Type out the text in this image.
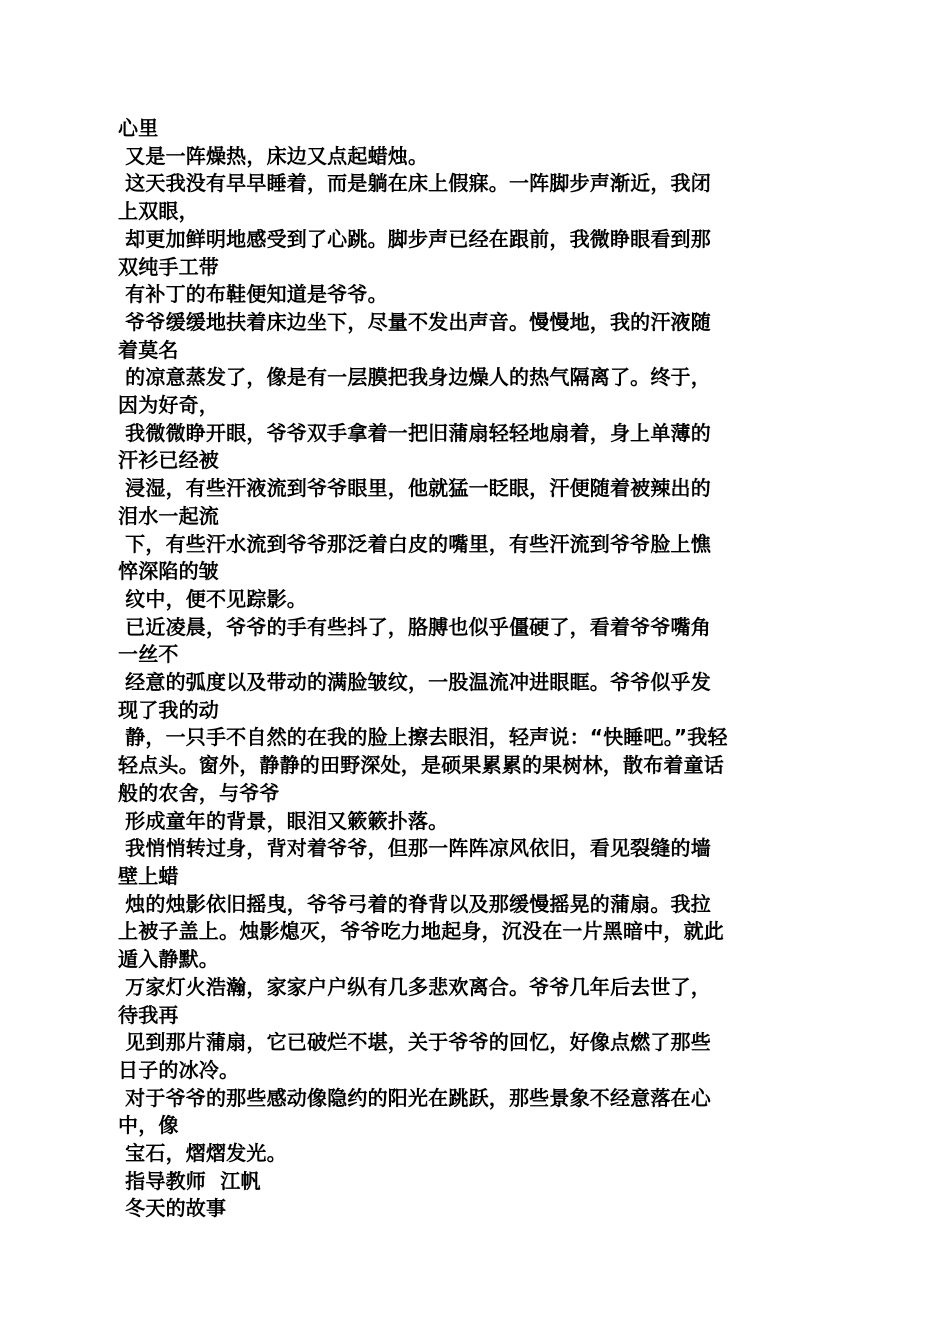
心里
又是一阵燥热，床边又点起蜡烛。
这天我没有早早睡着，而是躺在床上假寐。一阵脚步声渐近，我闭
上双眼，
却更加鲜明地感受到了心跳。脚步声已经在跟前，我微睁眼看到那
双纯手工带
有补丁的布鞋便知道是爷爷。
爷爷缓缓地扶着床边坐下，尽量不发出声音。慢慢地，我的汗液随
着莫名
的凉意蒸发了，像是有一层膜把我身边燥人的热气隔离了。终于，
因为好奇，
我微微睁开眼，爷爷双手拿着一把旧蒲扇轻轻地扇着，身上单薄的
汗衫已经被
浸湿，有些汗液流到爷爷眼里，他就猛一眨眼，汗便随着被辣出的
泪水一起流
下，有些汗水流到爷爷那泛着白皮的嘴里，有些汗流到爷爷脸上憔
悴深陷的皱
纹中，便不见踪影。
已近凌晨，爷爷的手有些抖了，胳膊也似乎僵硬了，看着爷爷嘴角
一丝不
经意的弧度以及带动的满脸皱纹，一股温流冲进眼眶。爷爷似乎发
现了我的动
静，一只手不自然的在我的脸上擦去眼泪，轻声说：“快睡吧。”我轻
轻点头。窗外，静静的田野深处，是硕果累累的果树林，散布着童话
般的农舍，与爷爷
形成童年的背景，眼泪又簌簌扑落。
我悄悄转过身，背对着爷爷，但那一阵阵凉风依旧，看见裂缝的墙
壁上蜡
烛的烛影依旧摇曳，爷爷弓着的脊背以及那缓慢摇晃的蒲扇。我拉
上被子盖上。烛影熄灭，爷爷吃力地起身，沉没在一片黑暗中，就此
遁入静默。
万家灯火浩瀚，家家户户纵有几多悲欢离合。爷爷几年后去世了，
待我再
见到那片蒲扇，它已破烂不堪，关于爷爷的回忆，好像点燃了那些
日子的冰冷。
对于爷爷的那些感动像隐约的阳光在跳跃，那些景象不经意落在心
中，像
宝石，熠熠发光。
指导教师  江帆
冬天的故事
